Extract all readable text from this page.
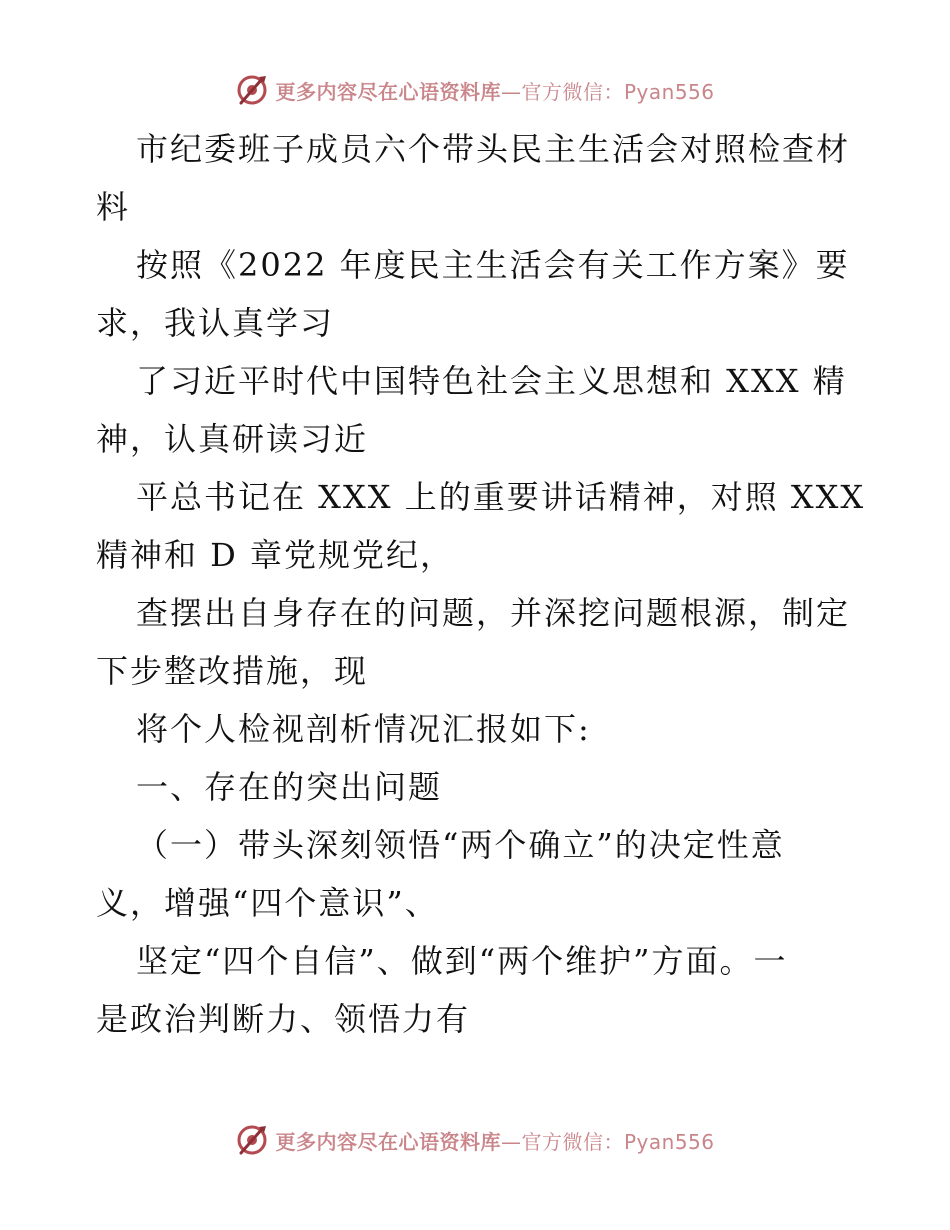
更多内容尽在心语资料库—官方微信：Pyan556
市纪委班子成员六个带头民主生活会对照检查材
料
按照《2022 年度民主生活会有关工作方案》要
求，我认真学习
了习近平时代中国特色社会主义思想和 XXX 精
神，认真研读习近
平总书记在 XXX 上的重要讲话精神，对照 XXX
精神和 D 章党规党纪，
查摆出自身存在的问题，并深挖问题根源，制定
下步整改措施，现
将个人检视剖析情况汇报如下:
一、存在的突出问题
（一）带头深刻领悟“两个确立”的决定性意
义，增强“四个意识”、
坚定“四个自信”、做到“两个维护”方面。一
是政治判断力、领悟力有
更多内容尽在心语资料库—官方微信：Pyan556
